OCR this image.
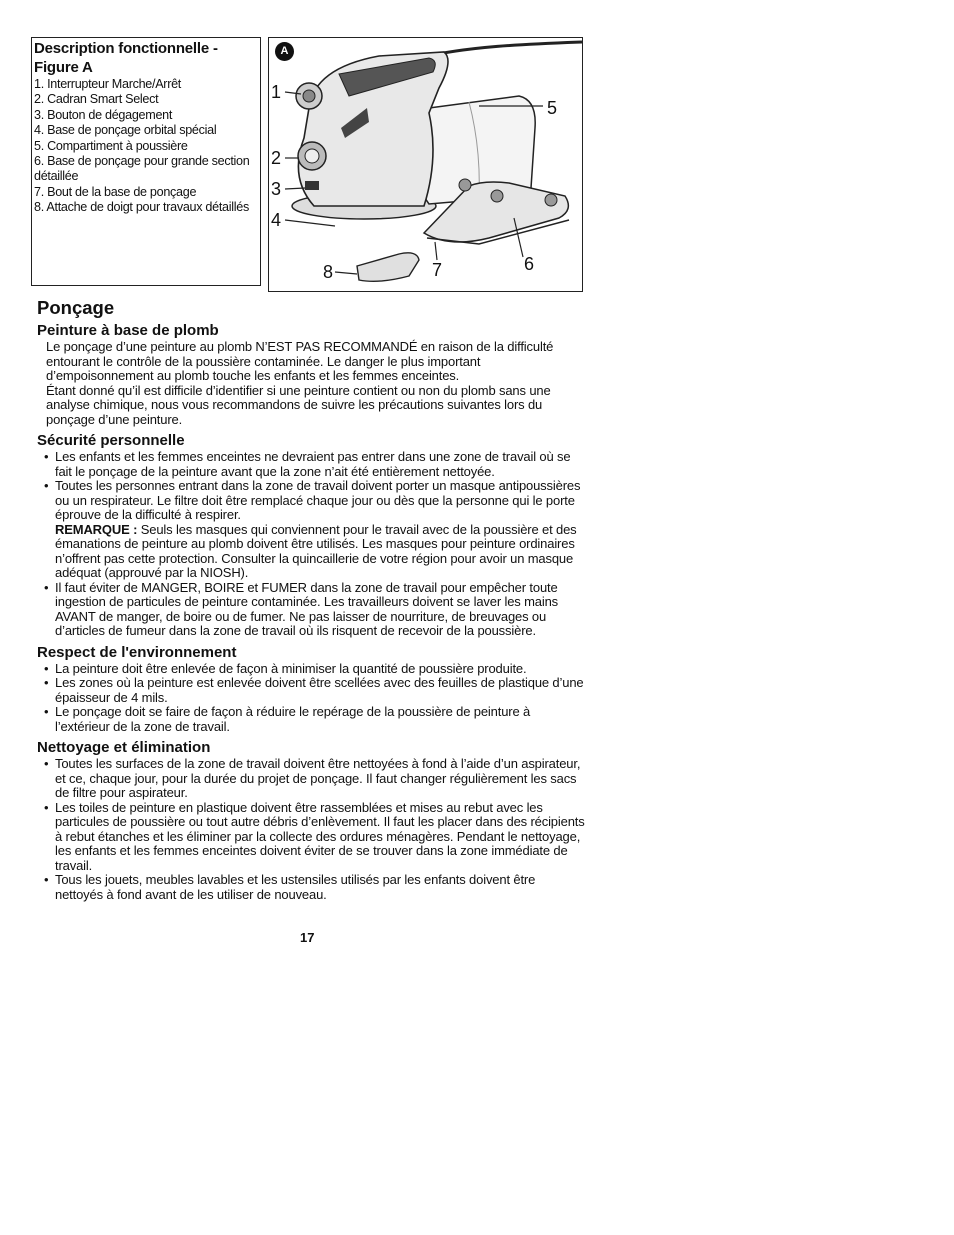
Description fonctionnelle -
Figure A
1. Interrupteur Marche/Arrêt
2. Cadran Smart Select
3. Bouton de dégagement
4. Base de ponçage orbital spécial
5. Compartiment à poussière
6. Base de ponçage pour grande section détaillée
7. Bout de la base de ponçage
8. Attache de doigt pour travaux détaillés
1
2
3
4
5
6
7
8
A
Ponçage
Peinture à base de plomb

Le ponçage d’une peinture au plomb N’EST PAS RECOMMANDÉ en raison de la difficulté entourant le contrôle de la poussière contaminée. Le danger le plus important d’empoisonnement au plomb touche les enfants et les femmes enceintes.

Étant donné qu’il est difficile d’identifier si une peinture contient ou non du plomb sans une analyse chimique, nous vous recommandons de suivre les précautions suivantes lors du ponçage d’une peinture.

Sécurité personnelle
• Les enfants et les femmes enceintes ne devraient pas entrer dans une zone de travail où se fait le ponçage de la peinture avant que la zone n’ait été entièrement nettoyée.
• Toutes les personnes entrant dans la zone de travail doivent porter un masque antipoussières ou un respirateur. Le filtre doit être remplacé chaque jour ou dès que la personne qui le porte éprouve de la difficulté à respirer.
REMARQUE : Seuls les masques qui conviennent pour le travail avec de la poussière et des émanations de peinture au plomb doivent être utilisés. Les masques pour peinture ordinaires n’offrent pas cette protection. Consulter la quincaillerie de votre région pour avoir un masque adéquat (approuvé par la NIOSH).
• Il faut éviter de MANGER, BOIRE et FUMER dans la zone de travail pour empêcher toute ingestion de particules de peinture contaminée. Les travailleurs doivent se laver les mains AVANT de manger, de boire ou de fumer. Ne pas laisser de nourriture, de breuvages ou d’articles de fumeur dans la zone de travail où ils risquent de recevoir de la poussière.
Respect de l'environnement
• La peinture doit être enlevée de façon à minimiser la quantité de poussière produite.
• Les zones où la peinture est enlevée doivent être scellées avec des feuilles de plastique d’une épaisseur de 4 mils.
• Le ponçage doit se faire de façon à réduire le repérage de la poussière de peinture à l’extérieur de la zone de travail.
Nettoyage et élimination
• Toutes les surfaces de la zone de travail doivent être nettoyées à fond à l’aide d’un aspirateur, et ce, chaque jour, pour la durée du projet de ponçage. Il faut changer régulièrement les sacs de filtre pour aspirateur.
• Les toiles de peinture en plastique doivent être rassemblées et mises au rebut avec les particules de poussière ou tout autre débris d’enlèvement. Il faut les placer dans des récipients à rebut étanches et les éliminer par la collecte des ordures ménagères. Pendant le nettoyage, les enfants et les femmes enceintes doivent éviter de se trouver dans la zone immédiate de travail.
• Tous les jouets, meubles lavables et les ustensiles utilisés par les enfants doivent être nettoyés à fond avant de les utiliser de nouveau.
17
